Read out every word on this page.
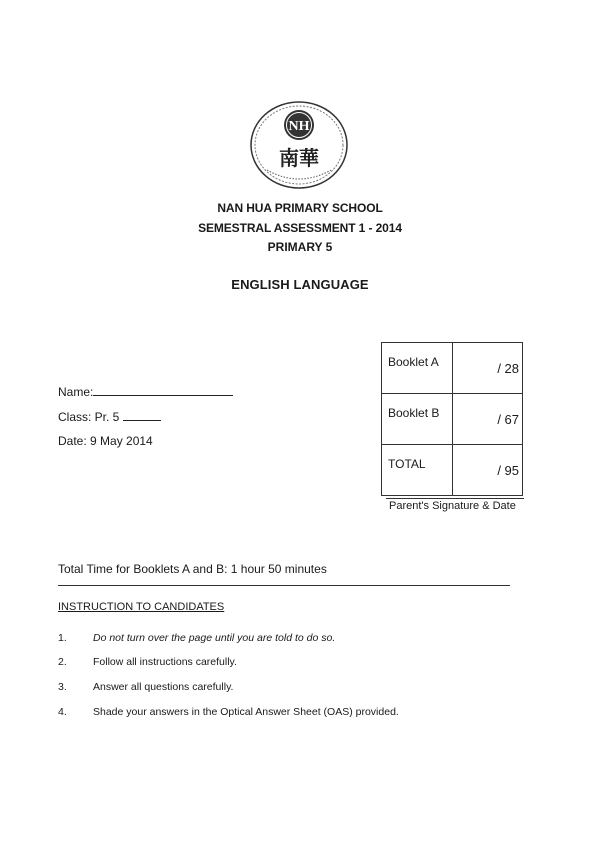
NH
南華
NAN HUA PRIMARY SCHOOL
SEMESTRAL ASSESSMENT 1 - 2014
PRIMARY 5
ENGLISH LANGUAGE
Name:
Class: Pr. 5
Date: 9 May 2014
Booklet A	/ 28
Booklet B	/ 67
TOTAL	/ 95
Parent's Signature & Date
Total Time for Booklets A and B: 1 hour 50 minutes
INSTRUCTION TO CANDIDATES
1. Do not turn over the page until you are told to do so.
2. Follow all instructions carefully.
3. Answer all questions carefully.
4. Shade your answers in the Optical Answer Sheet (OAS) provided.
